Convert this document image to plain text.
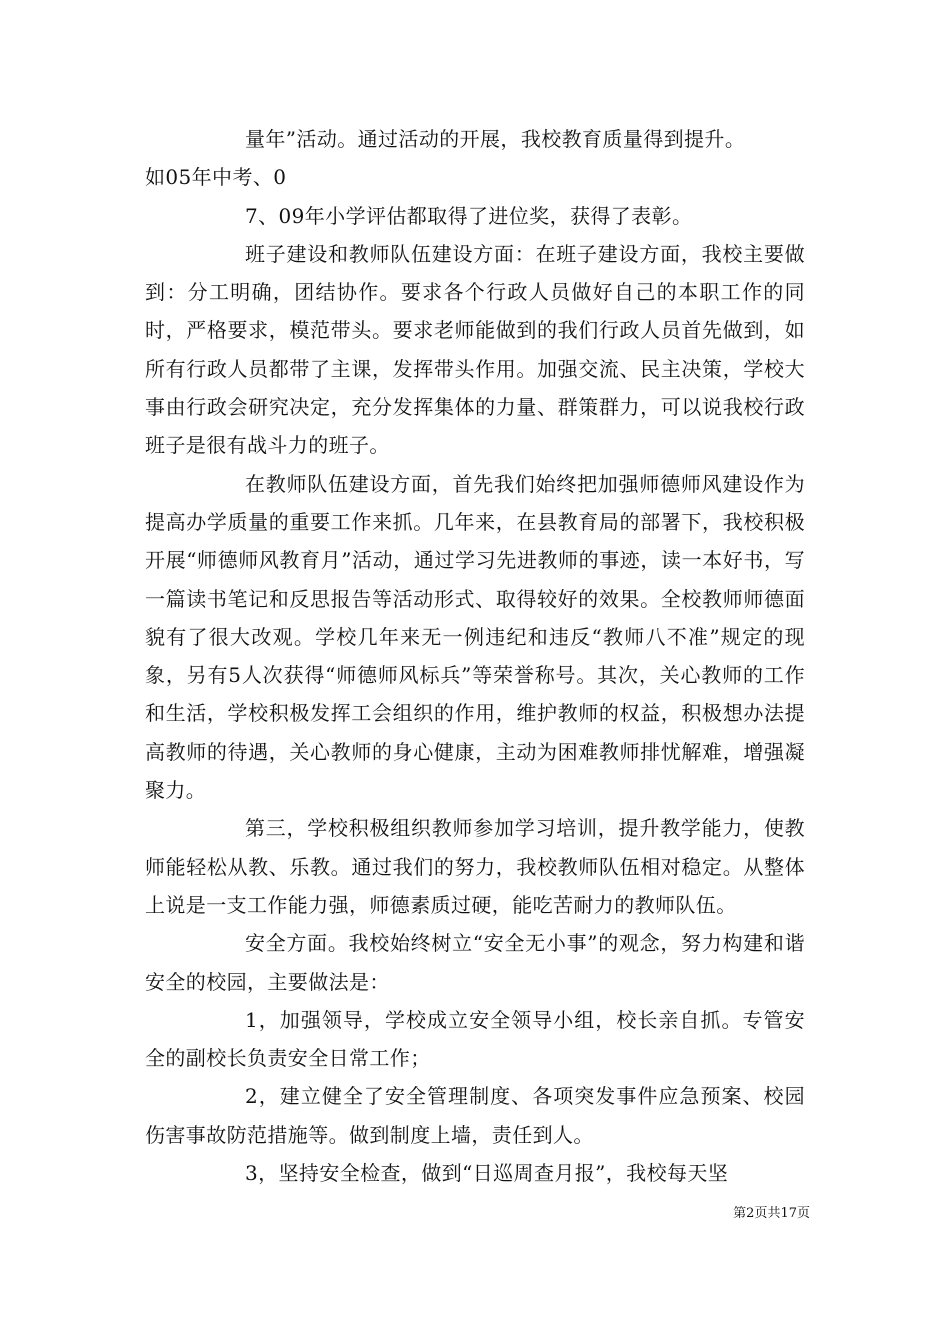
量年”活动。通过活动的开展，我校教育质量得到提升。

如05年中考、0

7、09年小学评估都取得了进位奖，获得了表彰。

班子建设和教师队伍建设方面：在班子建设方面，我校主要做到：分工明确，团结协作。要求各个行政人员做好自己的本职工作的同时，严格要求，模范带头。要求老师能做到的我们行政人员首先做到，如所有行政人员都带了主课，发挥带头作用。加强交流、民主决策，学校大事由行政会研究决定，充分发挥集体的力量、群策群力，可以说我校行政班子是很有战斗力的班子。

在教师队伍建设方面，首先我们始终把加强师德师风建设作为提高办学质量的重要工作来抓。几年来，在县教育局的部署下，我校积极开展“师德师风教育月”活动，通过学习先进教师的事迹，读一本好书，写一篇读书笔记和反思报告等活动形式、取得较好的效果。全校教师师德面貌有了很大改观。学校几年来无一例违纪和违反“教师八不准”规定的现象，另有5人次获得“师德师风标兵”等荣誉称号。其次，关心教师的工作和生活，学校积极发挥工会组织的作用，维护教师的权益，积极想办法提高教师的待遇，关心教师的身心健康，主动为困难教师排忧解难，增强凝聚力。

第三，学校积极组织教师参加学习培训，提升教学能力，使教师能轻松从教、乐教。通过我们的努力，我校教师队伍相对稳定。从整体上说是一支工作能力强，师德素质过硬，能吃苦耐力的教师队伍。

安全方面。我校始终树立“安全无小事”的观念，努力构建和谐安全的校园，主要做法是：

1，加强领导，学校成立安全领导小组，校长亲自抓。专管安全的副校长负责安全日常工作；

2，建立健全了安全管理制度、各项突发事件应急预案、校园伤害事故防范措施等。做到制度上墙，责任到人。

3，坚持安全检查，做到“日巡周查月报”，我校每天坚

第2页共17页
